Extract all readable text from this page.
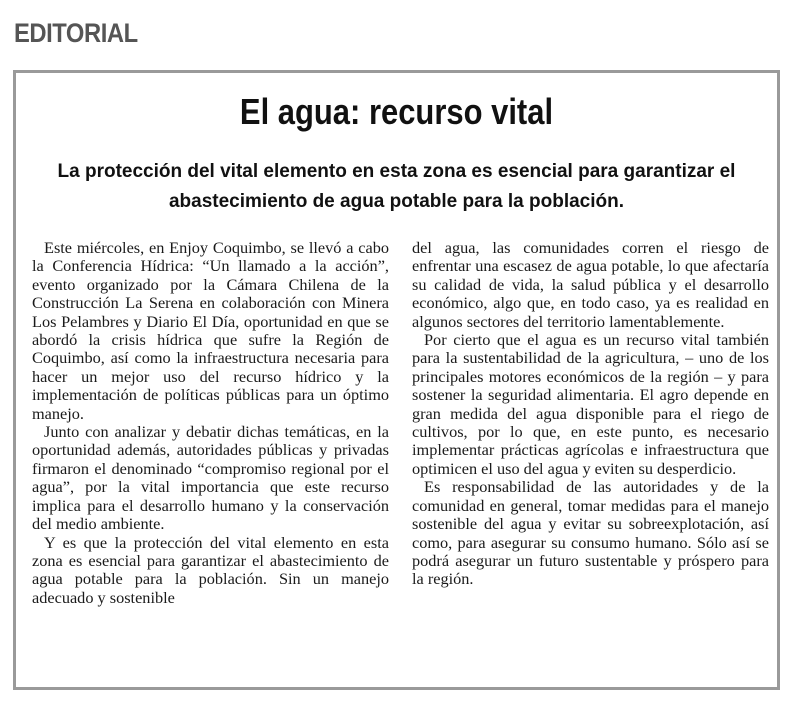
EDITORIAL
El agua: recurso vital

La protección del vital elemento en esta zona es esencial para garantizar el abastecimiento de agua potable para la población.

Este miércoles, en Enjoy Coquimbo, se llevó a cabo la Conferencia Hídrica: “Un llamado a la acción”, evento organizado por la Cámara Chilena de la Construcción La Serena en colaboración con Minera Los Pelambres y Diario El Día, oportunidad en que se abordó la crisis hídrica que sufre la Región de Coquimbo, así como la infraestructura necesaria para hacer un mejor uso del recurso hídrico y la implementación de políticas públicas para un óptimo manejo.

Junto con analizar y debatir dichas temáticas, en la oportunidad además, autoridades públicas y privadas firmaron el denominado “compromiso regional por el agua”, por la vital importancia que este recurso implica para el desarrollo humano y la conservación del medio ambiente.

Y es que la protección del vital elemento en esta zona es esencial para garantizar el abastecimiento de agua potable para la población. Sin un manejo adecuado y sostenible

del agua, las comunidades corren el riesgo de enfrentar una escasez de agua potable, lo que afectaría su calidad de vida, la salud pública y el desarrollo económico, algo que, en todo caso, ya es realidad en algunos sectores del territorio lamentablemente.

Por cierto que el agua es un recurso vital también para la sustentabilidad de la agricultura, – uno de los principales motores económicos de la región – y para sostener la seguridad alimentaria. El agro depende en gran medida del agua disponible para el riego de cultivos, por lo que, en este punto, es necesario implementar prácticas agrícolas e infraestructura que optimicen el uso del agua y eviten su desperdicio.

Es responsabilidad de las autoridades y de la comunidad en general, tomar medidas para el manejo sostenible del agua y evitar su sobreexplotación, así como, para asegurar su consumo humano. Sólo así se podrá asegurar un futuro sustentable y próspero para la región.
